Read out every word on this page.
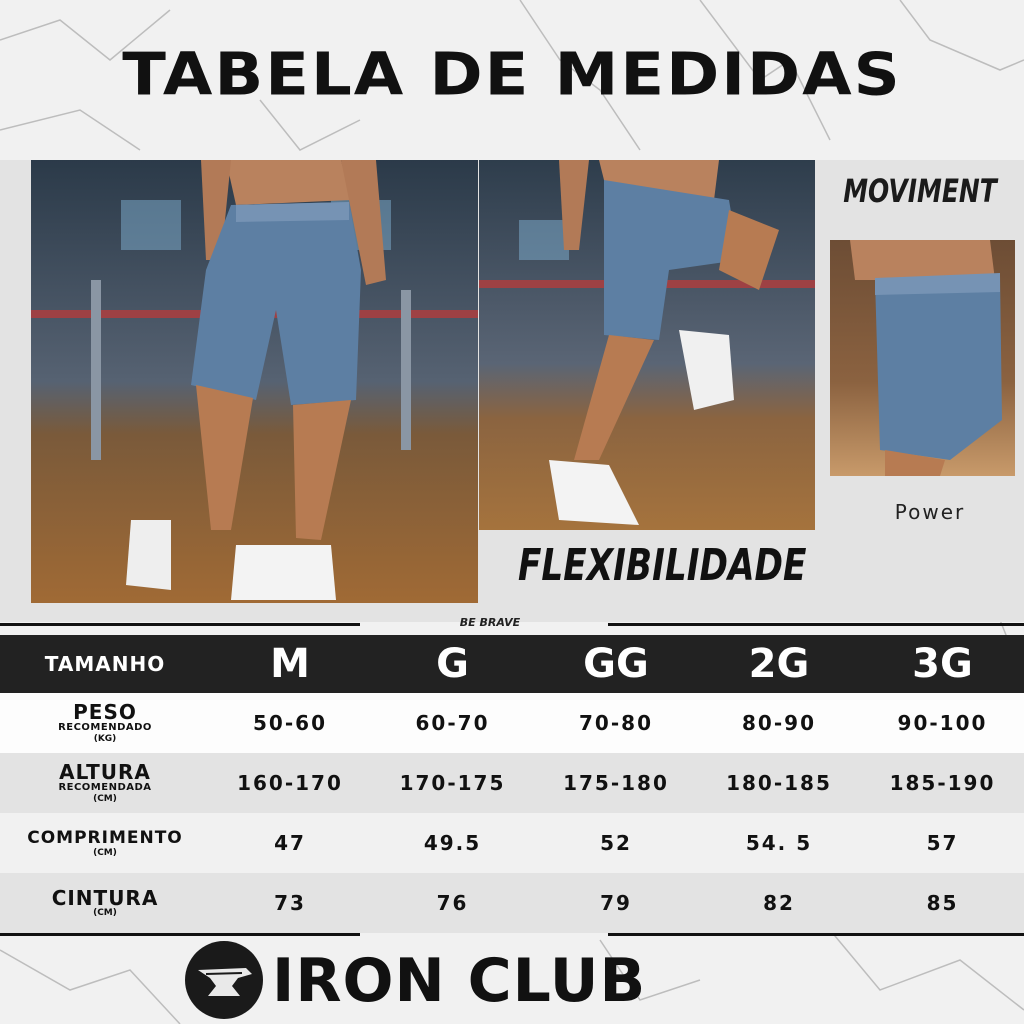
TABELA DE MEDIDAS
MOVIMENT
Power
FLEXIBILIDADE
BE BRAVE
TAMANHO	M	G	GG	2G	3G

PESO
RECOMENDADO
(KG)	50-60	60-70	70-80	80-90	90-100

ALTURA
RECOMENDADA
(CM)	160-170	170-175	175-180	180-185	185-190

COMPRIMENTO
(CM)	47	49.5	52	54. 5	57

CINTURA
(CM)	73	76	79	82	85
IRON CLUB
